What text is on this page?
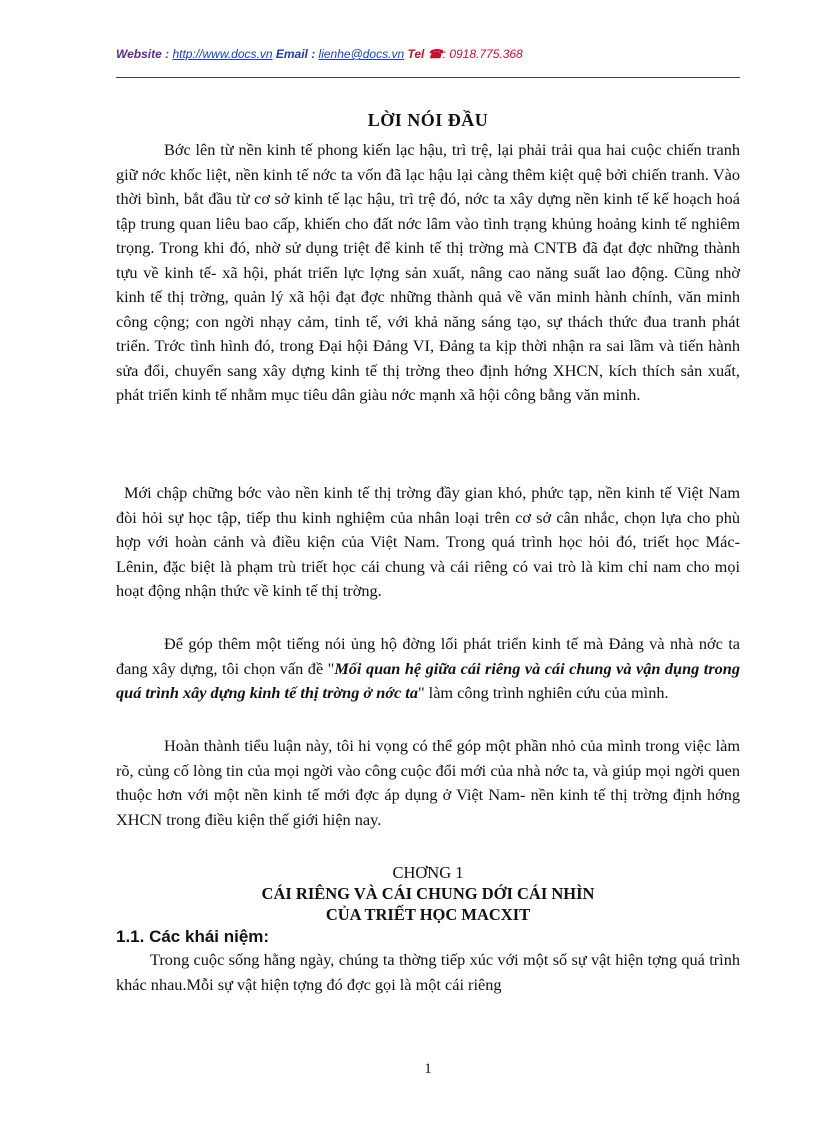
Website : http://www.docs.vn Email : lienhe@docs.vn Tel ☎: 0918.775.368
LỜI NÓI ĐẦU
Bớc lên từ nền kinh tế phong kiến lạc hậu, trì trệ, lại phải trải qua hai cuộc chiến tranh giữ nớc khốc liệt, nền kinh tế nớc ta vốn đã lạc hậu lại càng thêm kiệt quệ bởi chiến tranh. Vào thời bình, bắt đầu từ cơ sở kinh tế lạc hậu, trì trệ đó, nớc ta xây dựng nền kinh tế kế hoạch hoá tập trung quan liêu bao cấp, khiến cho đất nớc lâm vào tình trạng khủng hoảng kinh tế nghiêm trọng. Trong khi đó, nhờ sử dụng triệt để kinh tế thị trờng mà CNTB đã đạt đợc những thành tựu về kinh tế- xã hội, phát triển lực lợng sản xuất, nâng cao năng suất lao động. Cũng nhờ kinh tế thị trờng, quản lý xã hội đạt đợc những thành quả về văn minh hành chính, văn minh công cộng; con ngời nhạy cảm, tinh tế, với khả năng sáng tạo, sự thách thức đua tranh phát triển. Trớc tình hình đó, trong Đại hội Đảng VI, Đảng ta kịp thời nhận ra sai lầm và tiến hành sửa đổi, chuyển sang xây dựng kinh tế thị trờng theo định hớng XHCN, kích thích sản xuất, phát triển kinh tế nhằm mục tiêu dân giàu nớc mạnh xã hội công bằng văn minh.
Mới chập chững bớc vào nền kinh tế thị trờng đầy gian khó, phức tạp, nền kinh tế Việt Nam đòi hỏi sự học tập, tiếp thu kinh nghiệm của nhân loại trên cơ sở cân nhắc, chọn lựa cho phù hợp với hoàn cảnh và điều kiện của Việt Nam. Trong quá trình học hỏi đó, triết học Mác- Lênin, đặc biệt là phạm trù triết học cái chung và cái riêng có vai trò là kim chỉ nam cho mọi hoạt động nhận thức về kinh tế thị trờng.
Để góp thêm một tiếng nói ủng hộ đờng lối phát triển kinh tế mà Đảng và nhà nớc ta đang xây dựng, tôi chọn vấn đề "Mối quan hệ giữa cái riêng và cái chung và vận dụng trong quá trình xây dựng kinh tế thị trờng ở nớc ta" làm công trình nghiên cứu của mình.
Hoàn thành tiểu luận này, tôi hi vọng có thể góp một phần nhỏ của mình trong việc làm rõ, củng cố lòng tin của mọi ngời vào công cuộc đổi mới của nhà nớc ta, và giúp mọi ngời quen thuộc hơn với một nền kinh tế mới đợc áp dụng ở Việt Nam- nền kinh tế thị trờng định hớng XHCN trong điều kiện thế giới hiện nay.
CHƠNG 1
CÁI RIÊNG VÀ CÁI CHUNG DỚI CÁI NHÌN
CỦA TRIẾT HỌC MACXIT
1.1. Các khái niệm:
Trong cuộc sống hằng ngày, chúng ta thờng tiếp xúc với một số sự vật hiện tợng quá trình khác nhau.Mỗi sự vật hiện tợng đó đợc gọi là một cái riêng
1
